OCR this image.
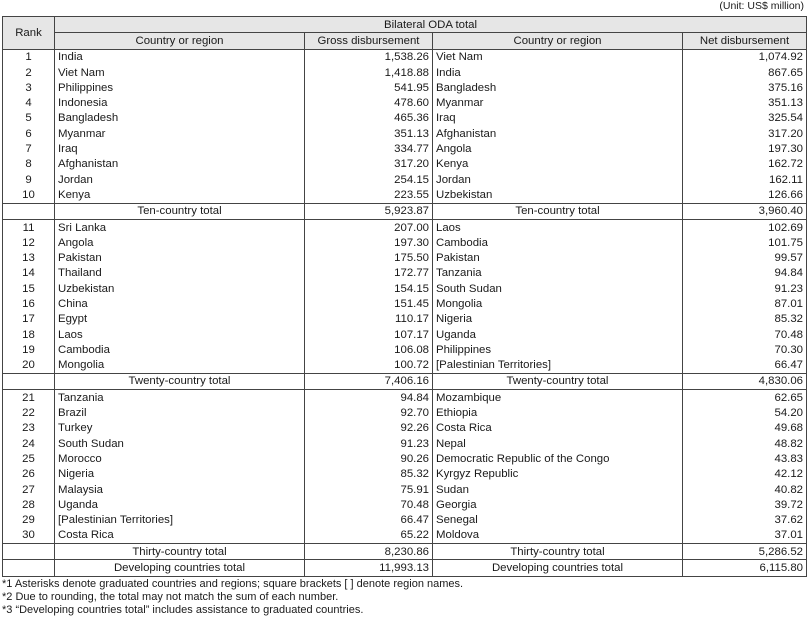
(Unit: US$ million)
Rank	Bilateral ODA total			
	Country or region	Gross disbursement	Country or region	Net disbursement
1	India	1,538.26	Viet Nam	1,074.92
2	Viet Nam	1,418.88	India	867.65
3	Philippines	541.95	Bangladesh	375.16
4	Indonesia	478.60	Myanmar	351.13
5	Bangladesh	465.36	Iraq	325.54
6	Myanmar	351.13	Afghanistan	317.20
7	Iraq	334.77	Angola	197.30
8	Afghanistan	317.20	Kenya	162.72
9	Jordan	254.15	Jordan	162.11
10	Kenya	223.55	Uzbekistan	126.66
	Ten-country total	5,923.87	Ten-country total	3,960.40
11	Sri Lanka	207.00	Laos	102.69
12	Angola	197.30	Cambodia	101.75
13	Pakistan	175.50	Pakistan	99.57
14	Thailand	172.77	Tanzania	94.84
15	Uzbekistan	154.15	South Sudan	91.23
16	China	151.45	Mongolia	87.01
17	Egypt	110.17	Nigeria	85.32
18	Laos	107.17	Uganda	70.48
19	Cambodia	106.08	Philippines	70.30
20	Mongolia	100.72	[Palestinian Territories]	66.47
	Twenty-country total	7,406.16	Twenty-country total	4,830.06
21	Tanzania	94.84	Mozambique	62.65
22	Brazil	92.70	Ethiopia	54.20
23	Turkey	92.26	Costa Rica	49.68
24	South Sudan	91.23	Nepal	48.82
25	Morocco	90.26	Democratic Republic of the Congo	43.83
26	Nigeria	85.32	Kyrgyz Republic	42.12
27	Malaysia	75.91	Sudan	40.82
28	Uganda	70.48	Georgia	39.72
29	[Palestinian Territories]	66.47	Senegal	37.62
30	Costa Rica	65.22	Moldova	37.01
	Thirty-country total	8,230.86	Thirty-country total	5,286.52
	Developing countries total	11,993.13	Developing countries total	6,115.80
*1 Asterisks denote graduated countries and regions; square brackets [ ] denote region names.
*2 Due to rounding, the total may not match the sum of each number.
*3 “Developing countries total” includes assistance to graduated countries.
